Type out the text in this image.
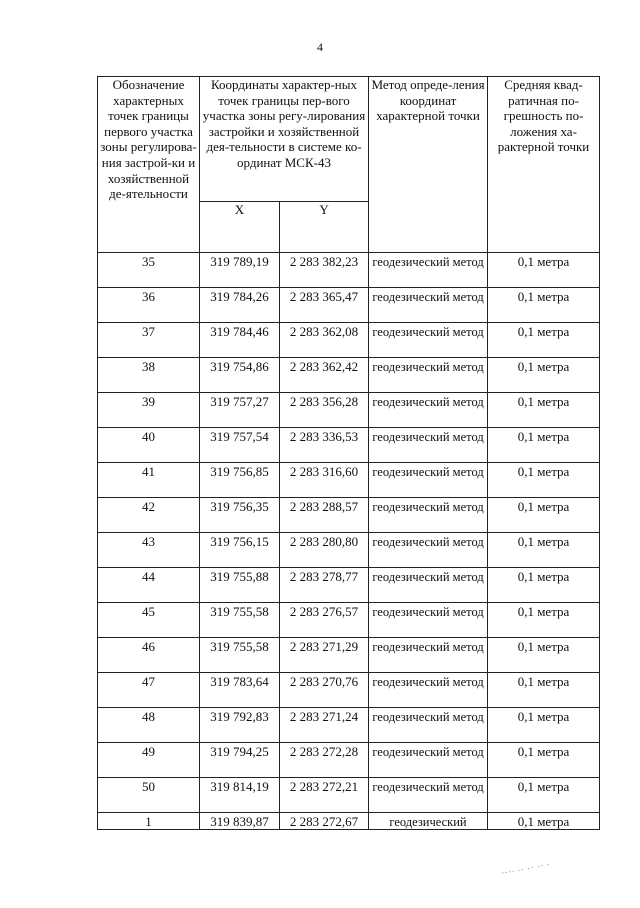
4
Обозначение характерных точек границы первого участка зоны регулирова-ния застрой-ки и хозяйственной де-ятельности	Координаты характер-ных точек границы пер-вого участка зоны регу-лирования застройки и хозяйственной дея-тельности в системе ко-ординат МСК-43		Метод опреде-ления координат характерной точки	Средняя квад-ратичная по-грешность по-ложения ха-рактерной точки
	X	Y		
35	319 789,19	2 283 382,23	геодезический метод	0,1 метра
36	319 784,26	2 283 365,47	геодезический метод	0,1 метра
37	319 784,46	2 283 362,08	геодезический метод	0,1 метра
38	319 754,86	2 283 362,42	геодезический метод	0,1 метра
39	319 757,27	2 283 356,28	геодезический метод	0,1 метра
40	319 757,54	2 283 336,53	геодезический метод	0,1 метра
41	319 756,85	2 283 316,60	геодезический метод	0,1 метра
42	319 756,35	2 283 288,57	геодезический метод	0,1 метра
43	319 756,15	2 283 280,80	геодезический метод	0,1 метра
44	319 755,88	2 283 278,77	геодезический метод	0,1 метра
45	319 755,58	2 283 276,57	геодезический метод	0,1 метра
46	319 755,58	2 283 271,29	геодезический метод	0,1 метра
47	319 783,64	2 283 270,76	геодезический метод	0,1 метра
48	319 792,83	2 283 271,24	геодезический метод	0,1 метра
49	319 794,25	2 283 272,28	геодезический метод	0,1 метра
50	319 814,19	2 283 272,21	геодезический метод	0,1 метра
1	319 839,87	2 283 272,67	геодезический	0,1 метра
